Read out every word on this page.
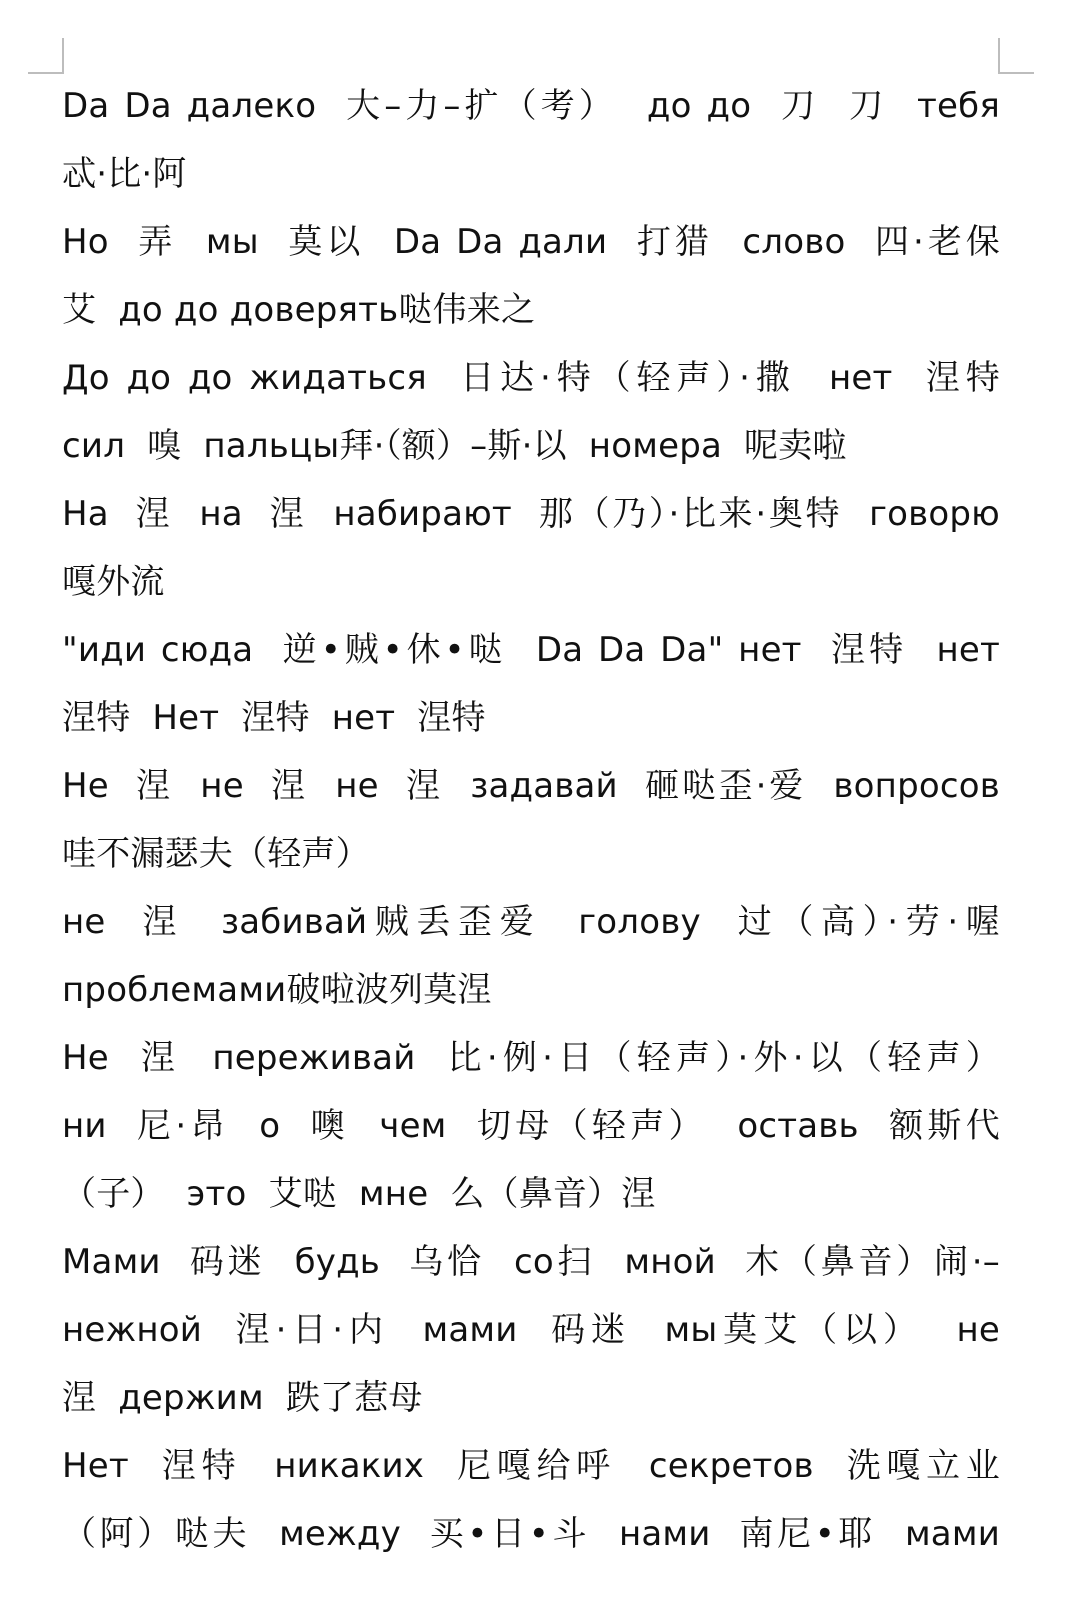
Da Da далеко  大–力–扩（考）  до до  刀  刀  тебя
忒·比·阿
Но  弄  мы  莫以  Da Da дали  打猎  слово  四·老保
艾  до до доверять哒伟来之
До до до жидаться  日达·特（轻声）·撒  нет  涅特
сил  嗅  пальцы拜·（额）–斯·以  номера  呢卖啦
На  涅  на  涅  набирают  那（乃）·比来·奥特  говорю
嘎外流
"иди сюда  逆•贼•休•哒  Da Da Da" нет  涅特  нет
涅特  Нет  涅特  нет  涅特
Не  涅  не  涅  не  涅  задавай  砸哒歪·爱  вопросов
哇不漏瑟夫（轻声）
не  涅  забивай贼丢歪爱  голову  过（高）·劳·喔
проблемами破啦波列莫涅
Не  涅  переживай  比·例·日（轻声）·外·以（轻声）
ни  尼·昂  о  噢  чем  切母（轻声）  оставь  额斯代
（子）  это  艾哒  мне  么（鼻音）涅
Мами  码迷  будь  乌恰  со扫  мной  木（鼻音）闹·–
нежной  涅·日·内  мами  码迷  мы莫艾（以）  не
涅  держим  跌了惹母
Нет  涅特  никаких  尼嘎给呼  секретов  洗嘎立业
（阿）哒夫  между  买•日•斗  нами  南尼•耶  мами
